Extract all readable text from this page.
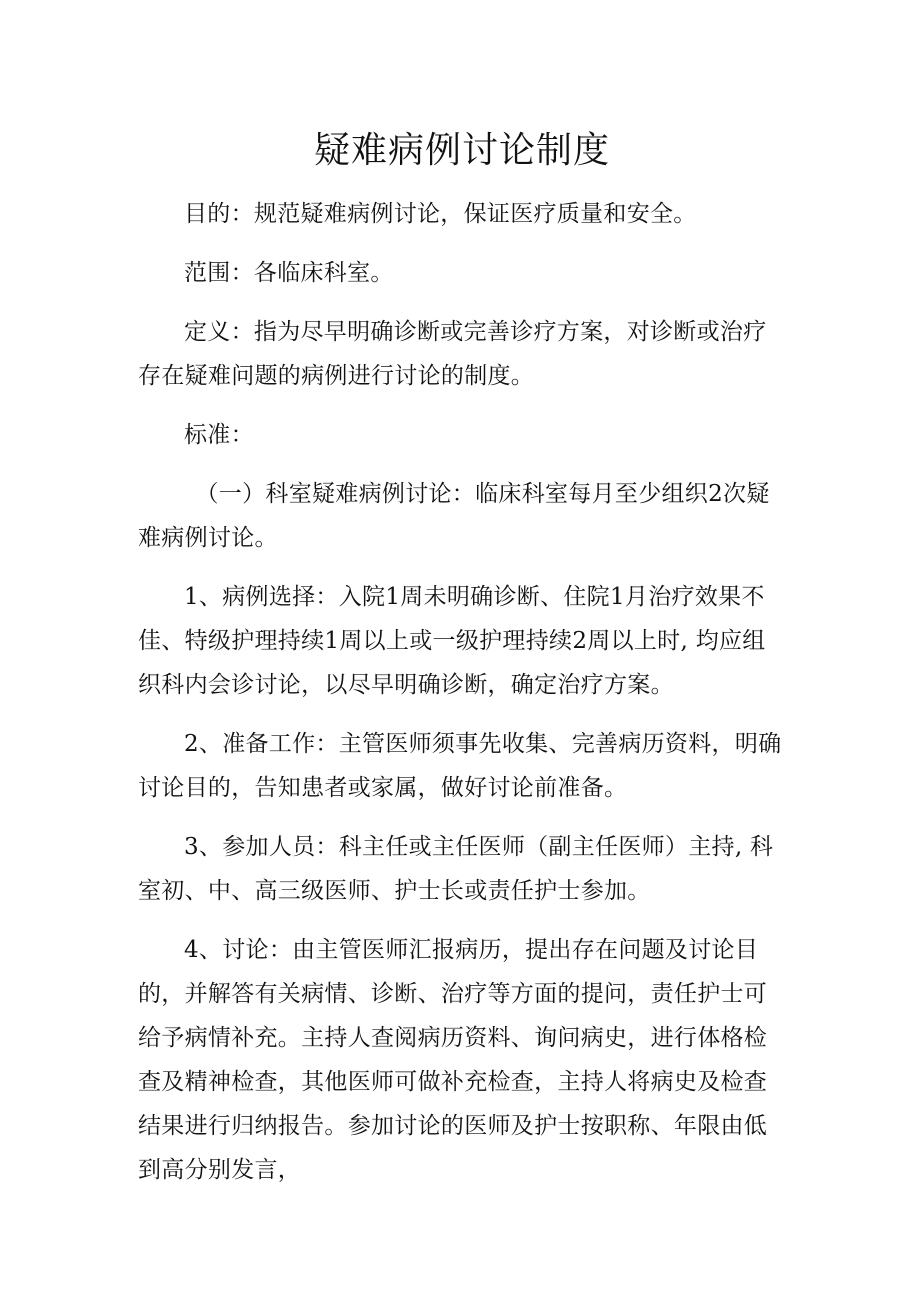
疑难病例讨论制度

目的：规范疑难病例讨论，保证医疗质量和安全。

范围：各临床科室。

定义：指为尽早明确诊断或完善诊疗方案，对诊断或治疗存在疑难问题的病例进行讨论的制度。

标准：

（一）科室疑难病例讨论：临床科室每月至少组织2次疑难病例讨论。

1、病例选择：入院1周未明确诊断、住院1月治疗效果不佳、特级护理持续1周以上或一级护理持续2周以上时, 均应组织科内会诊讨论，以尽早明确诊断，确定治疗方案。

2、准备工作：主管医师须事先收集、完善病历资料，明确讨论目的，告知患者或家属，做好讨论前准备。

3、参加人员：科主任或主任医师（副主任医师）主持, 科室初、中、高三级医师、护士长或责任护士参加。

4、讨论：由主管医师汇报病历，提出存在问题及讨论目的，并解答有关病情、诊断、治疗等方面的提问，责任护士可给予病情补充。主持人查阅病历资料、询问病史，进行体格检查及精神检查，其他医师可做补充检查，主持人将病史及检查结果进行归纳报告。参加讨论的医师及护士按职称、年限由低到高分别发言，
